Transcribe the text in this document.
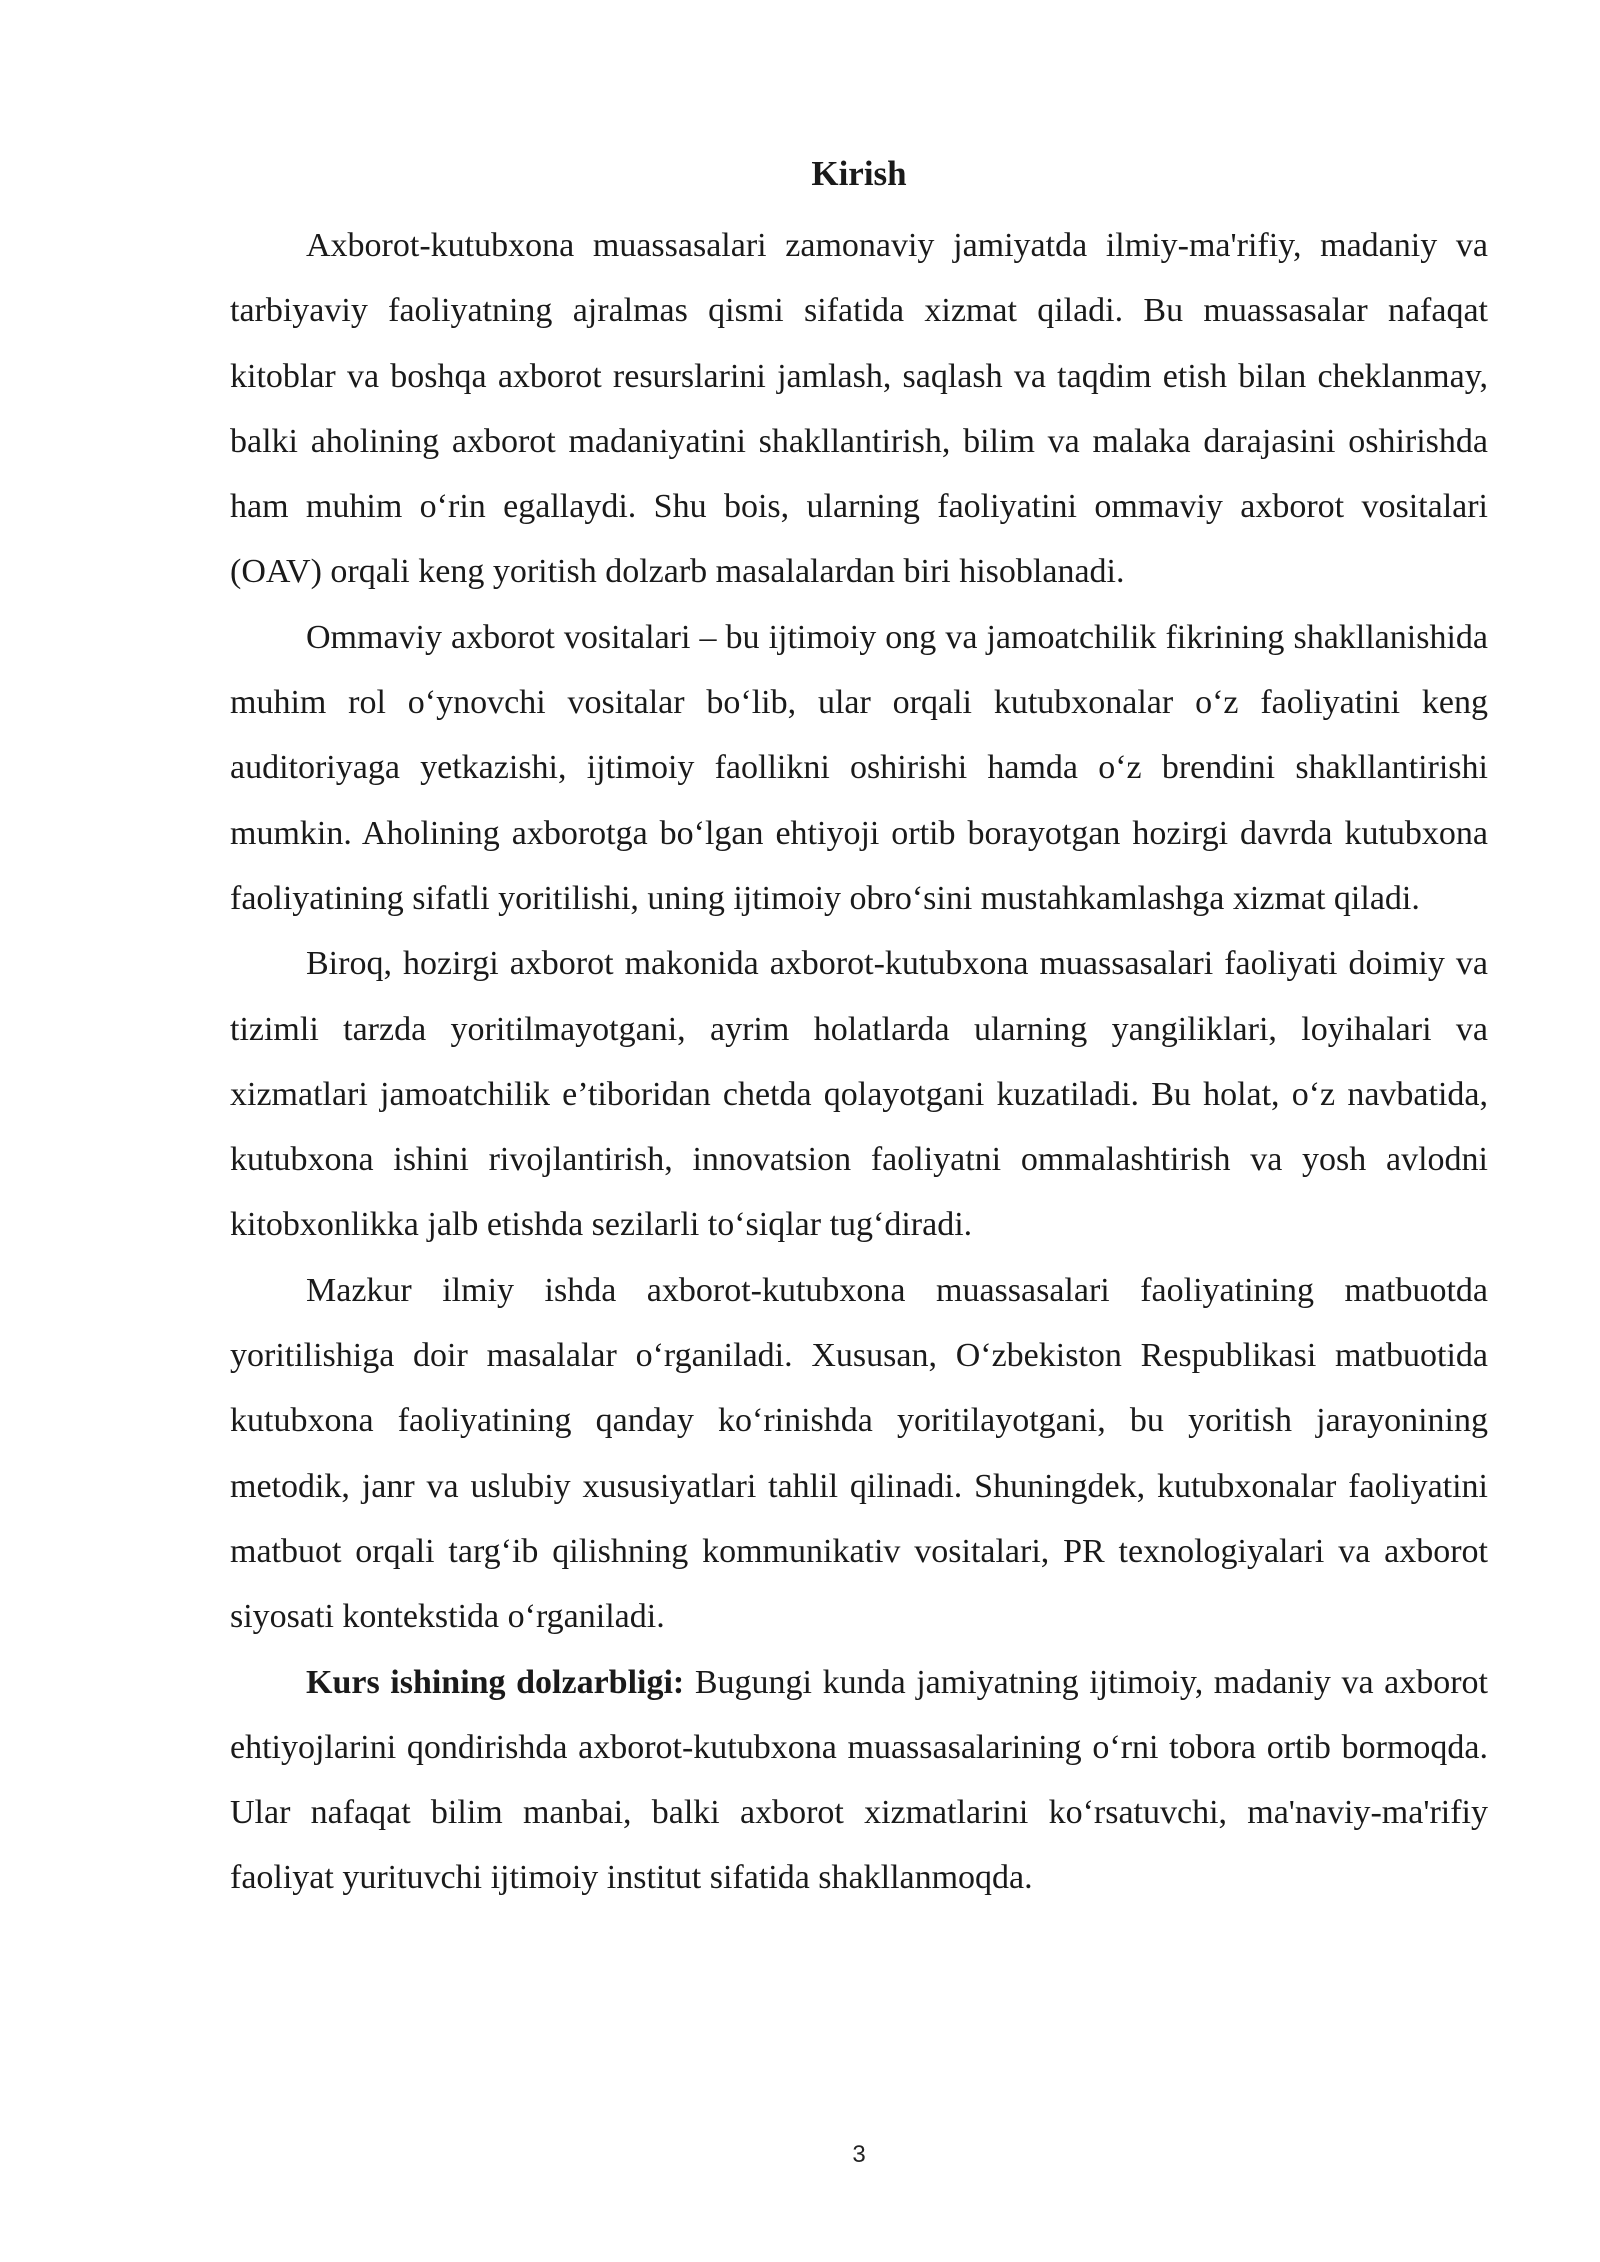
Kirish

Axborot-kutubxona muassasalari zamonaviy jamiyatda ilmiy-ma'rifiy, madaniy va tarbiyaviy faoliyatning ajralmas qismi sifatida xizmat qiladi. Bu muassasalar nafaqat kitoblar va boshqa axborot resurslarini jamlash, saqlash va taqdim etish bilan cheklanmay, balki aholining axborot madaniyatini shakllantirish, bilim va malaka darajasini oshirishda ham muhim o‘rin egallaydi. Shu bois, ularning faoliyatini ommaviy axborot vositalari (OAV) orqali keng yoritish dolzarb masalalardan biri hisoblanadi.

Ommaviy axborot vositalari – bu ijtimoiy ong va jamoatchilik fikrining shakllanishida muhim rol o‘ynovchi vositalar bo‘lib, ular orqali kutubxonalar o‘z faoliyatini keng auditoriyaga yetkazishi, ijtimoiy faollikni oshirishi hamda o‘z brendini shakllantirishi mumkin. Aholining axborotga bo‘lgan ehtiyoji ortib borayotgan hozirgi davrda kutubxona faoliyatining sifatli yoritilishi, uning ijtimoiy obro‘sini mustahkamlashga xizmat qiladi.

Biroq, hozirgi axborot makonida axborot-kutubxona muassasalari faoliyati doimiy va tizimli tarzda yoritilmayotgani, ayrim holatlarda ularning yangiliklari, loyihalari va xizmatlari jamoatchilik e’tiboridan chetda qolayotgani kuzatiladi. Bu holat, o‘z navbatida, kutubxona ishini rivojlantirish, innovatsion faoliyatni ommalashtirish va yosh avlodni kitobxonlikka jalb etishda sezilarli to‘siqlar tug‘diradi.

Mazkur ilmiy ishda axborot-kutubxona muassasalari faoliyatining matbuotda yoritilishiga doir masalalar o‘rganiladi. Xususan, O‘zbekiston Respublikasi matbuotida kutubxona faoliyatining qanday ko‘rinishda yoritilayotgani, bu yoritish jarayonining metodik, janr va uslubiy xususiyatlari tahlil qilinadi. Shuningdek, kutubxonalar faoliyatini matbuot orqali targ‘ib qilishning kommunikativ vositalari, PR texnologiyalari va axborot siyosati kontekstida o‘rganiladi.

Kurs ishining dolzarbligi: Bugungi kunda jamiyatning ijtimoiy, madaniy va axborot ehtiyojlarini qondirishda axborot-kutubxona muassasalarining o‘rni tobora ortib bormoqda. Ular nafaqat bilim manbai, balki axborot xizmatlarini ko‘rsatuvchi, ma'naviy-ma'rifiy faoliyat yurituvchi ijtimoiy institut sifatida shakllanmoqda.

3
